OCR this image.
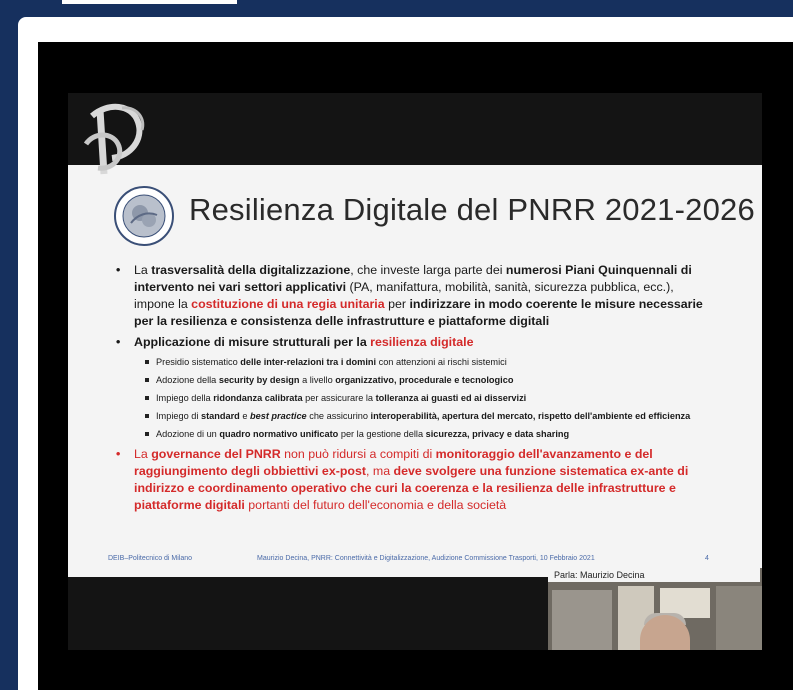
Resilienza Digitale del PNRR 2021-2026
• La trasversalità della digitalizzazione, che investe larga parte dei numerosi Piani Quinquennali di intervento nei vari settori applicativi (PA, manifattura, mobilità, sanità, sicurezza pubblica, ecc.), impone la costituzione di una regia unitaria per indirizzare in modo coerente le misure necessarie per la resilienza e consistenza delle infrastrutture e piattaforme digitali
• Applicazione di misure strutturali per la resilienza digitale
Presidio sistematico delle inter-relazioni tra i domini con attenzioni ai rischi sistemici
Adozione della security by design a livello organizzativo, procedurale e tecnologico
Impiego della ridondanza calibrata per assicurare la tolleranza ai guasti ed ai disservizi
Impiego di standard e best practice che assicurino interoperabilità, apertura del mercato, rispetto dell'ambiente ed efficienza
Adozione di un quadro normativo unificato per la gestione della sicurezza, privacy e data sharing
• La governance del PNRR non può ridursi a compiti di monitoraggio dell'avanzamento e del raggiungimento degli obbiettivi ex-post, ma deve svolgere una funzione sistematica ex-ante di indirizzo e coordinamento operativo che curi la coerenza e la resilienza delle infrastrutture e piattaforme digitali portanti del futuro dell'economia e della società
DEIB–Politecnico di Milano	Maurizio Decina, PNRR: Connettività e Digitalizzazione, Audizione Commissione Trasporti, 10 Febbraio 2021	4
Parla: Maurizio Decina
